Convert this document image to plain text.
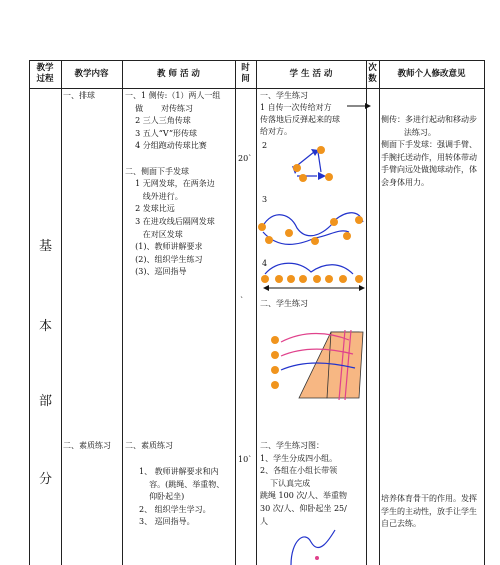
教学
过程
教学内容	教 师 活 动
时
间
学 生 活 动
次
数
教师个人修改意见
基
本
部
分
一、排球	一、1 侧传:（1）两人一组
做       对传练习
2 三人三角传球
3 五人“V”形传球
4 分组跑动传球比赛

二、侧面下手发球
1 无网发球，在两条边
线外进行。
2 发球比远
3 在进攻线后隔网发球
在对区发球
(1)、教师讲解要求
(2)、组织学生练习
(3)、巡回指导
20`
`
一、学生练习
1 自传一次传给对方
传落地后反弹起来的球
给对方。
2
3
4
二、学生练习
侧传：多进行起动和移动步
法练习。
侧面下手发球：强调手臂、
手腕托送动作，用转体带动
手臂向远处做抛球动作，体
会身体用力。
二、素质练习 二、素质练习
1、 教师讲解要求和内
容。(跳绳、举重物、
仰卧起坐)
2、 组织学生学习。
3、 巡回指导。
10`
二、学生练习图：
1、学生分成四小组。
2、各组在小组长带领
下认真完成
跳绳 100 次/人、举重物
30 次/人、仰卧起坐 25/
人
培养体育骨干的作用。发挥
学生的主动性，放手让学生
自己去练。
